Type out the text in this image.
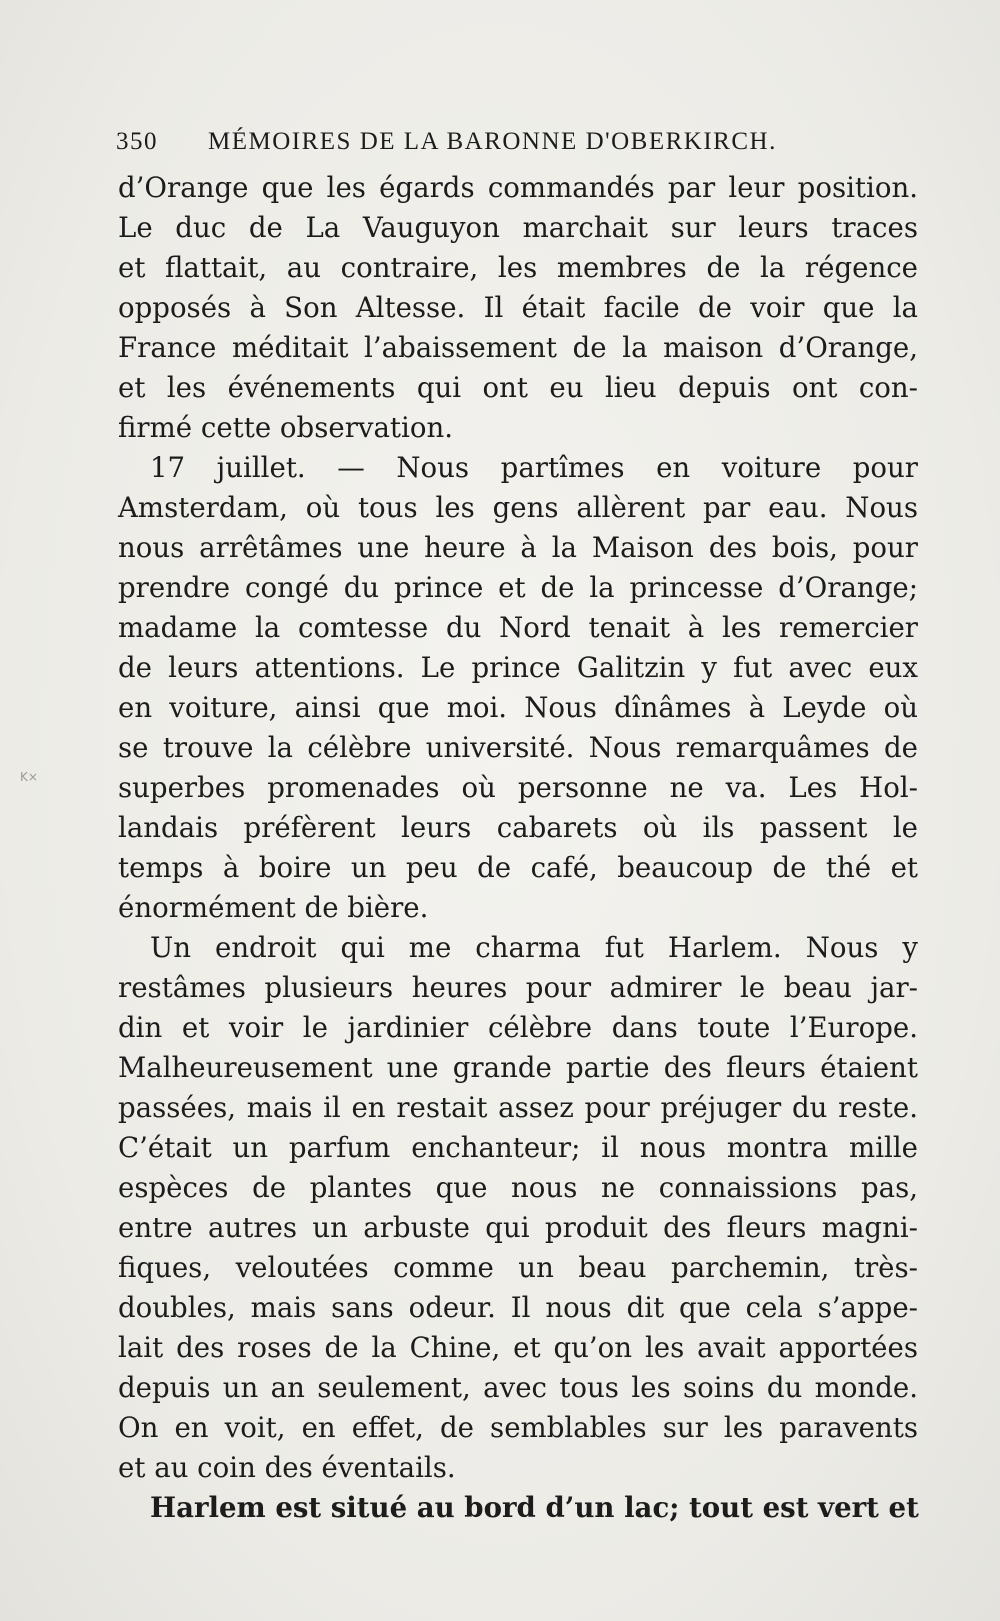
350 MÉMOIRES DE LA BARONNE D'OBERKIRCH.
d’Orange que les égards commandés par leur position.
Le duc de La Vauguyon marchait sur leurs traces
et flattait, au contraire, les membres de la régence
opposés à Son Altesse. Il était facile de voir que la
France méditait l’abaissement de la maison d’Orange,
et les événements qui ont eu lieu depuis ont con-
firmé cette observation.
17 juillet. — Nous partîmes en voiture pour
Amsterdam, où tous les gens allèrent par eau. Nous
nous arrêtâmes une heure à la Maison des bois, pour
prendre congé du prince et de la princesse d’Orange;
madame la comtesse du Nord tenait à les remercier
de leurs attentions. Le prince Galitzin y fut avec eux
en voiture, ainsi que moi. Nous dînâmes à Leyde où
se trouve la célèbre université. Nous remarquâmes de
superbes promenades où personne ne va. Les Hol-
landais préfèrent leurs cabarets où ils passent le
temps à boire un peu de café, beaucoup de thé et
énormément de bière.
Un endroit qui me charma fut Harlem. Nous y
restâmes plusieurs heures pour admirer le beau jar-
din et voir le jardinier célèbre dans toute l’Europe.
Malheureusement une grande partie des fleurs étaient
passées, mais il en restait assez pour préjuger du reste.
C’était un parfum enchanteur; il nous montra mille
espèces de plantes que nous ne connaissions pas,
entre autres un arbuste qui produit des fleurs magni-
fiques, veloutées comme un beau parchemin, très-
doubles, mais sans odeur. Il nous dit que cela s’appe-
lait des roses de la Chine, et qu’on les avait apportées
depuis un an seulement, avec tous les soins du monde.
On en voit, en effet, de semblables sur les paravents
et au coin des éventails.
Harlem est situé au bord d’un lac; tout est vert et
K×
